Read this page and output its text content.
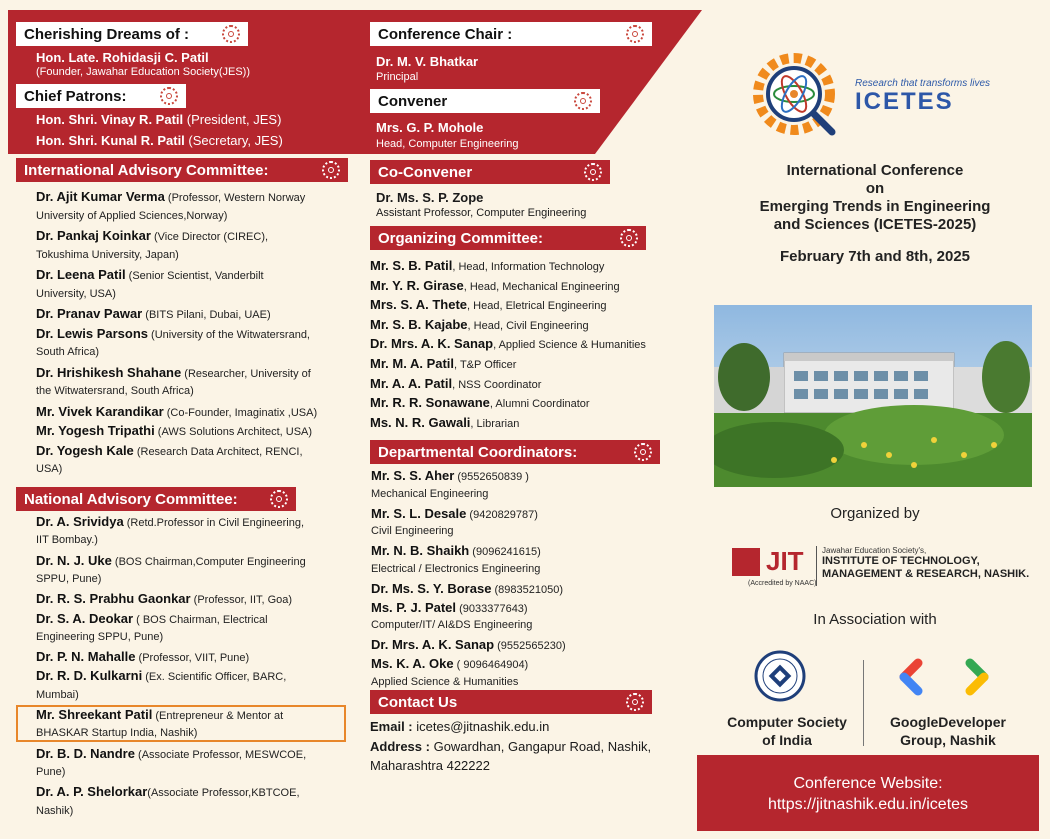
Cherishing Dreams of :
Hon. Late. Rohidasji C. Patil
(Founder, Jawahar Education Society(JES))
Chief Patrons:
Hon. Shri. Vinay R. Patil (President, JES)
Hon. Shri. Kunal R. Patil (Secretary, JES)
Conference Chair :
Dr. M. V. Bhatkar
Principal
Convener
Mrs. G. P. Mohole
Head, Computer Engineering
International Advisory Committee:
Dr. Ajit Kumar Verma (Professor, Western Norway
University of Applied Sciences,Norway)
Dr. Pankaj Koinkar (Vice Director (CIREC),
Tokushima University, Japan)
Dr. Leena Patil (Senior Scientist, Vanderbilt
University, USA)
Dr. Pranav Pawar (BITS Pilani, Dubai, UAE)
Dr. Lewis Parsons (University of the Witwatersrand,
South Africa)
Dr. Hrishikesh Shahane (Researcher, University of
the Witwatersrand, South Africa)
Mr. Vivek Karandikar (Co-Founder, Imaginatix ,USA)
Mr. Yogesh Tripathi (AWS Solutions Architect, USA)
Dr. Yogesh Kale (Research Data Architect, RENCI,
USA)
National Advisory Committee:
Dr. A. Srividya (Retd.Professor in Civil Engineering,
IIT Bombay.)
Dr. N. J. Uke (BOS Chairman,Computer Engineering
SPPU, Pune)
Dr. R. S. Prabhu Gaonkar (Professor, IIT, Goa)
Dr. S. A. Deokar ( BOS Chairman, Electrical
Engineering SPPU, Pune)
Dr. P. N. Mahalle (Professor, VIIT, Pune)
Dr. R. D. Kulkarni (Ex. Scientific Officer, BARC,
Mumbai)
Mr. Shreekant Patil (Entrepreneur & Mentor at
BHASKAR Startup India, Nashik)
Dr. B. D. Nandre (Associate Professor, MESWCOE,
Pune)
Dr. A. P. Shelorkar(Associate Professor,KBTCOE,
Nashik)
Co-Convener
Dr. Ms. S. P. Zope
Assistant Professor, Computer Engineering
Organizing Committee:
Mr. S. B. Patil, Head, Information Technology
Mr. Y. R. Girase, Head, Mechanical Engineering
Mrs. S. A. Thete, Head, Eletrical Engineering
Mr. S. B. Kajabe, Head, Civil Engineering
Dr. Mrs. A. K. Sanap, Applied Science & Humanities
Mr. M. A. Patil, T&P Officer
Mr. A. A. Patil, NSS Coordinator
Mr. R. R. Sonawane, Alumni Coordinator
Ms. N. R. Gawali, Librarian
Departmental Coordinators:
Mr. S. S. Aher (9552650839 )
Mechanical Engineering
Mr. S. L. Desale (9420829787)
Civil Engineering
Mr. N. B. Shaikh (9096241615)
Electrical / Electronics Engineering
Dr. Ms. S. Y. Borase (8983521050)
Ms. P. J. Patel (9033377643)
Computer/IT/ AI&DS Engineering
Dr. Mrs. A. K. Sanap (9552565230)
Ms. K. A. Oke ( 9096464904)
Applied Science & Humanities
Contact Us
Email : icetes@jitnashik.edu.in
Address : Gowardhan, Gangapur Road, Nashik,
Maharashtra 422222
Research that transforms lives
ICETES
International Conference
on
Emerging Trends in Engineering
and Sciences (ICETES-2025)
February 7th and 8th, 2025
Organized by
JIT Jawahar Education Society's,
INSTITUTE OF TECHNOLOGY,
MANAGEMENT & RESEARCH, NASHIK.
(Accredited by NAAC)
In Association with
Computer Society
of India
GoogleDeveloper
Group, Nashik
Conference Website:
https://jitnashik.edu.in/icetes
